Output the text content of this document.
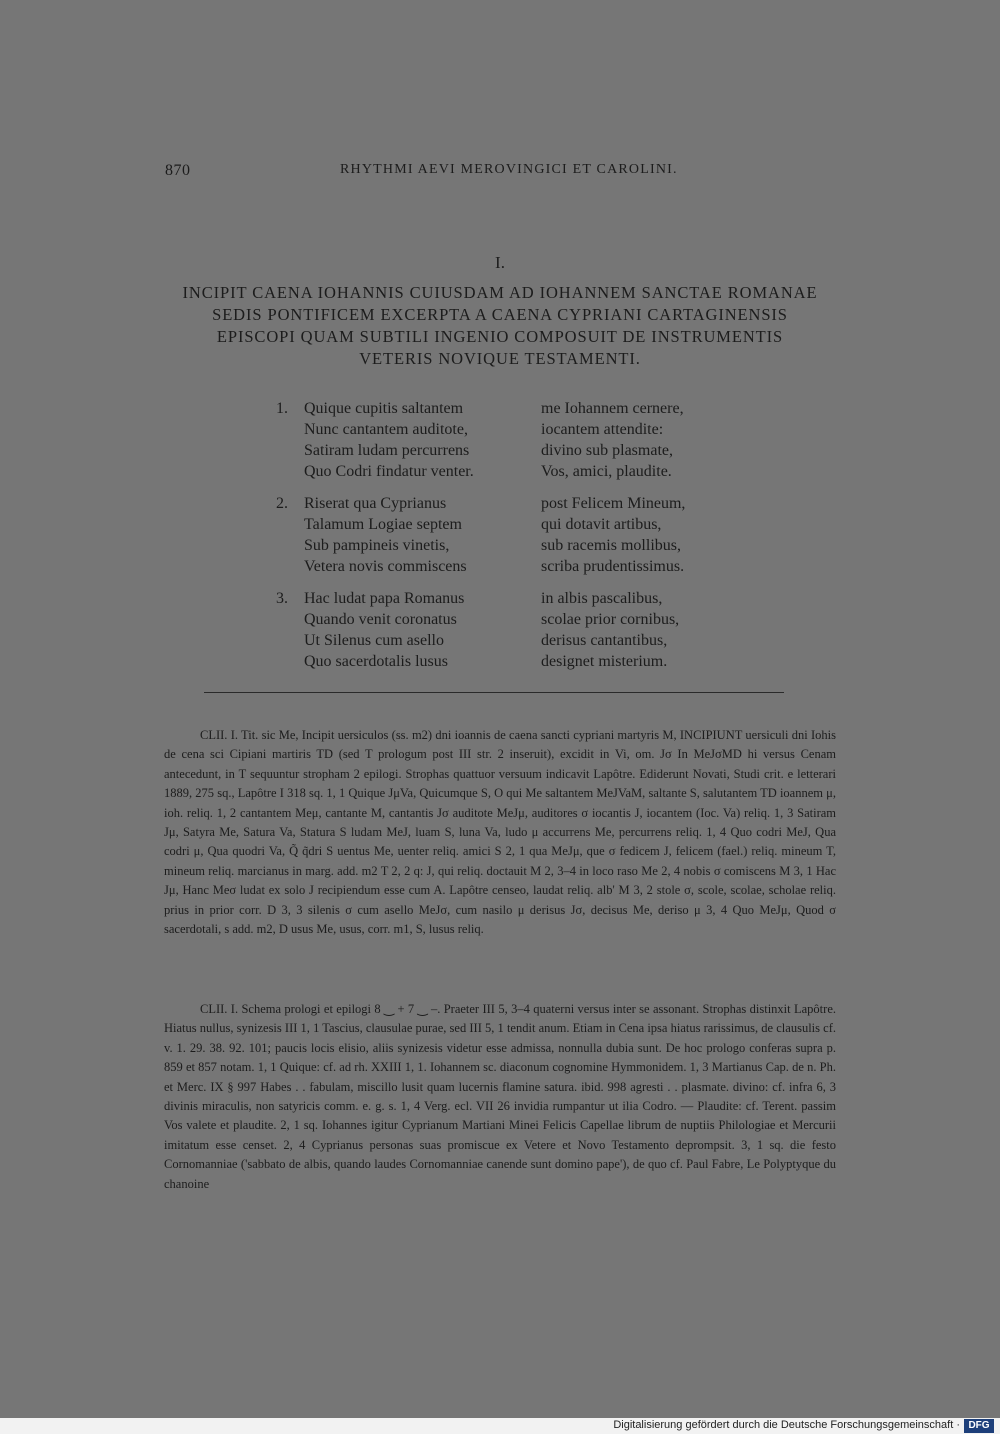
870	RHYTHMI AEVI MEROVINGICI ET CAROLINI.
I.
INCIPIT CAENA IOHANNIS CUIUSDAM AD IOHANNEM SANCTAE ROMANAE SEDIS PONTIFICEM EXCERPTA A CAENA CYPRIANI CARTAGINENSIS EPISCOPI QUAM SUBTILI INGENIO COMPOSUIT DE INSTRUMENTIS VETERIS NOVIQUE TESTAMENTI.
1. Quique cupitis saltantem	me Iohannem cernere,
Nunc cantantem auditote,	iocantem attendite:
Satiram ludam percurrens	divino sub plasmate,
Quo Codri findatur venter.	Vos, amici, plaudite.
2. Riserat qua Cyprianus	post Felicem Mineum,
Talamum Logiae septem	qui dotavit artibus,
Sub pampineis vinetis,	sub racemis mollibus,
Vetera novis commiscens	scriba prudentissimus.
3. Hac ludat papa Romanus	in albis pascalibus,
Quando venit coronatus	scolae prior cornibus,
Ut Silenus cum asello	derisus cantantibus,
Quo sacerdotalis lusus	designet misterium.

CLII. I. Tit. sic Me, Incipit uersiculos (ss. m2) dni ioannis de caena sancti cypriani martyris M, INCIPIUNT uersiculi dni Iohis de cena sci Cipiani martiris TD (sed T prologum post III str. 2 inseruit), excidit in Vi, om. Jσ In MeJσMD hi versus Cenam antecedunt, in T sequuntur stropham 2 epilogi. Strophas quattuor versuum indicavit Lapôtre. Ediderunt Novati, Studi crit. e letterari 1889, 275 sq., Lapôtre I 318 sq. 1, 1 Quique JμVa, Quicumque S, O qui Me saltantem MeJVaM, saltante S, salutantem TD ioannem μ, ioh. reliq. 1, 2 cantantem Meμ, cantante M, cantantis Jσ auditote MeJμ, auditores σ iocantis J, iocantem (Ioc. Va) reliq. 1, 3 Satiram Jμ, Satyra Me, Satura Va, Statura S ludam MeJ, luam S, luna Va, ludo μ accurrens Me, percurrens reliq. 1, 4 Quo codri MeJ, Qua codri μ, Qua quodri Va, Q̃ q̃dri S uentus Me, uenter reliq. amici S 2, 1 qua MeJμ, que σ fedicem J, felicem (fael.) reliq. mineum T, mineum reliq. marcianus in marg. add. m2 T 2, 2 q: J, qui reliq. doctauit M 2, 3–4 in loco raso Me 2, 4 nobis σ comiscens M 3, 1 Hac Jμ, Hanc Meσ ludat ex solo J recipiendum esse cum A. Lapôtre censeo, laudat reliq. alb' M 3, 2 stole σ, scole, scolae, scholae reliq. prius in prior corr. D 3, 3 silenis σ cum asello MeJσ, cum nasilo μ derisus Jσ, decisus Me, deriso μ 3, 4 Quo MeJμ, Quod σ sacerdotali, s add. m2, D usus Me, usus, corr. m1, S, lusus reliq.

CLII. I. Schema prologi et epilogi 8 ‿ + 7 ‿ –. Praeter III 5, 3–4 quaterni versus inter se assonant. Strophas distinxit Lapôtre. Hiatus nullus, synizesis III 1, 1 Tascius, clausulae purae, sed III 5, 1 tendit anum. Etiam in Cena ipsa hiatus rarissimus, de clausulis cf. v. 1. 29. 38. 92. 101; paucis locis elisio, aliis synizesis videtur esse admissa, nonnulla dubia sunt. De hoc prologo conferas supra p. 859 et 857 notam. 1, 1 Quique: cf. ad rh. XXIII 1, 1. Iohannem sc. diaconum cognomine Hymmonidem. 1, 3 Martianus Cap. de n. Ph. et Merc. IX § 997 Habes . . fabulam, miscillo lusit quam lucernis flamine satura. ibid. 998 agresti . . plasmate. divino: cf. infra 6, 3 divinis miraculis, non satyricis comm. e. g. s. 1, 4 Verg. ecl. VII 26 invidia rumpantur ut ilia Codro. — Plaudite: cf. Terent. passim Vos valete et plaudite. 2, 1 sq. Iohannes igitur Cyprianum Martiani Minei Felicis Capellae librum de nuptiis Philologiae et Mercurii imitatum esse censet. 2, 4 Cyprianus personas suas promiscue ex Vetere et Novo Testamento deprompsit. 3, 1 sq. die festo Cornomanniae ('sabbato de albis, quando laudes Cornomanniae canende sunt domino pape'), de quo cf. Paul Fabre, Le Polyptyque du chanoine

Digitalisierung gefördert durch die Deutsche Forschungsgemeinschaft · DFG
